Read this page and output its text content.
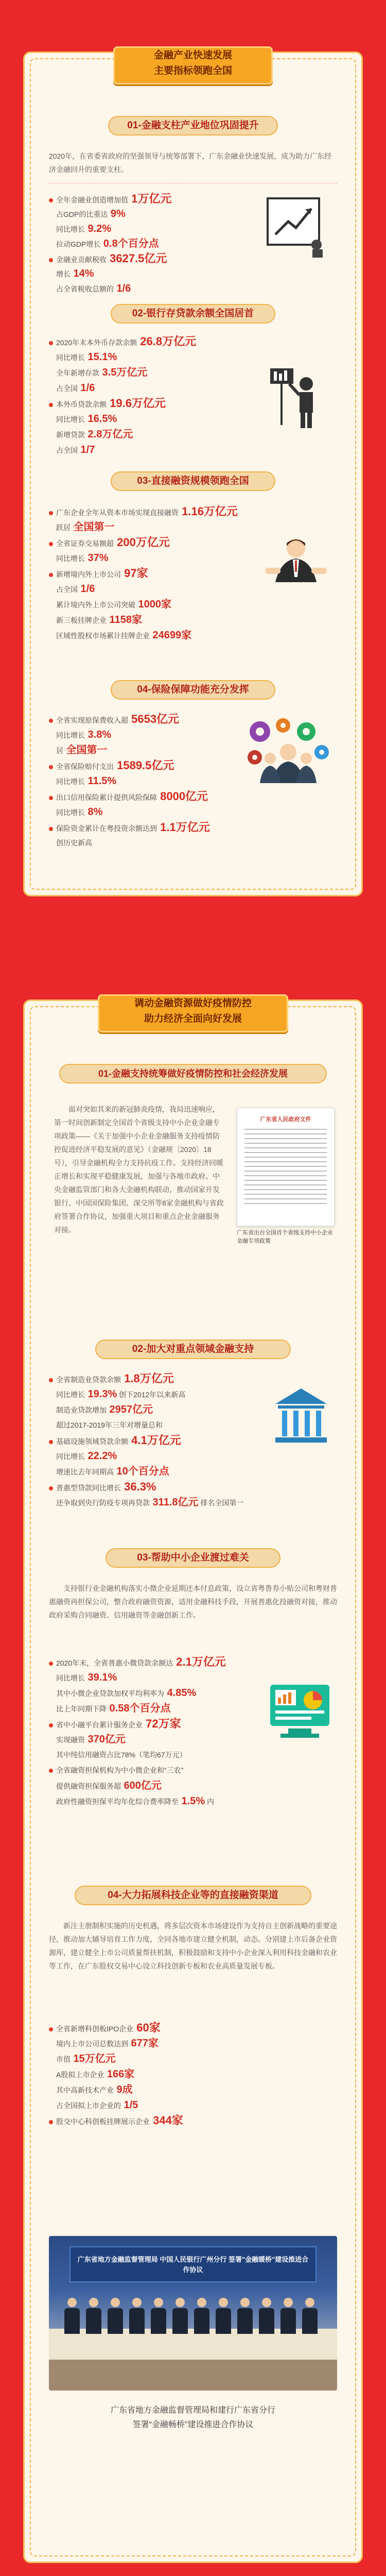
金融产业快速发展
主要指标领跑全国
01-金融支柱产业地位巩固提升
2020年，在省委省政府的坚强领导与统筹部署下，广东金融业快速发展，成为助力广东经济金融回升的重要支柱。
全年金融业创造增加值 1万亿元
占GDP的比重达 9%
同比增长 9.2%
拉动GDP增长 0.8个百分点
金融业贡献税收 3627.5亿元
增长 14%
占全省税收总额的 1/6
02-银行存贷款余额全国居首
2020年末本外币存款余额 26.8万亿元
同比增长 15.1%
全年新增存款 3.5万亿元
占全国 1/6
本外币贷款余额 19.6万亿元
同比增长 16.5%
新增贷款 2.8万亿元
占全国 1/7
03-直接融资规模领跑全国
广东企业全年从资本市场实现直接融资 1.16万亿元
跃居 全国第一
全省证券交易额超 200万亿元
同比增长 37%
新增境内外上市公司 97家
占全国 1/6
累计境内外上市公司突破 1000家
新三板挂牌企业 1158家
区域性股权市场累计挂牌企业 24699家
04-保险保障功能充分发挥
全省实现原保费收入超 5653亿元
同比增长 3.8%
居 全国第一
全省保险赔付支出 1589.5亿元
同比增长 11.5%
出口信用保险累计提供风险保障 8000亿元
同比增长 8%
保险资金累计在粤投资余额达到 1.1万亿元
创历史新高
调动金融资源做好疫情防控
助力经济全面向好发展
01-金融支持统筹做好疫情防控和社会经济发展
面对突如其来的新冠肺炎疫情，我局迅速响应，第一时间创新制定全国首个省级支持中小企业金融专项政策——《关于加强中小企业金融服务支持疫情防控促进经济平稳发展的意见》（金融规〔2020〕18号），引导金融机构全力支持抗疫工作。支持经济回暖正增长和实现平稳健康发展，加强与各地市政府、中央金融监管部门和各大金融机构联动，推动国家开发银行、中国国保险集团、深交所等8家金融机构与省政府签署合作协议，加强重大项目和重点企业金融服务对接。
广东省人民政府文件
广东省出台全国首个省级支持中小企业金融专项政策
02-加大对重点领域金融支持
全省制造业贷款余额 1.8万亿元
同比增长 19.3% 创下2012年以来新高
制造业贷款增加 2957亿元
超过2017-2019年三年对增量总和
基础设施领域贷款余额 4.1万亿元
同比增长 22.2%
增速比去年同期高 10个百分点
普惠型贷款同比增长 36.3%
还争取到央行防疫专项再贷款 311.8亿元 排名全国第一
03-帮助中小企业渡过难关
支持银行业金融机构落实小微企业延期还本付息政策，设立省粤鲁券小贴公司和粤财普惠融资再担保公司，整合政府融资资源，适用金融科技手段，开展普惠化投融资对接，推动政府采购合同融资、信用融资等金融创新工作。
2020年末，全省普惠小微贷款余额达 2.1万亿元
同比增长 39.1%
其中小微企业贷款加权平均利率为 4.85%
比上年同期下降 0.58个百分点
省中小融平台累计服务企业 72万家
实现融资 370亿元
其中纯信用融资占比78%（笔均67万元）
全省融资担保机构为中小微企业和“三农”
提供融资担保服务超 600亿元
政府性融资担保平均年化综合费率降至 1.5% 内
04-大力拓展科技企业等的直接融资渠道
新注主册制积实施的历史机遇，将多层次资本市场建设作为支持自主创新战略的重要途径，推动加大辅导培育工作力度，全同各地市建立健全机制，动态。分别建上市后备企业资源库，建立健全上市公司质量帮扶机制，积极鼓励和支持中小企业深入利用科技金融和农业等工作，在广东股权交易中心设立科技创新专板和农业高质量发展专板。
全省新增科创板IPO企业 60家
境内上市公司总数达到 677家
市值 15万亿元
A股拟上市企业 166家
其中高新技术产业 9成
占全国拟上市企业的 1/5
股交中心科创板挂牌展示企业 344家
广东省地方金融监督管理局 中国人民银行广州分行 签署"金融暖桥"建设推进合作协议
广东省地方金融监督管理局和建行广东省分行
签署“金融畅桥”建设推进合作协议
